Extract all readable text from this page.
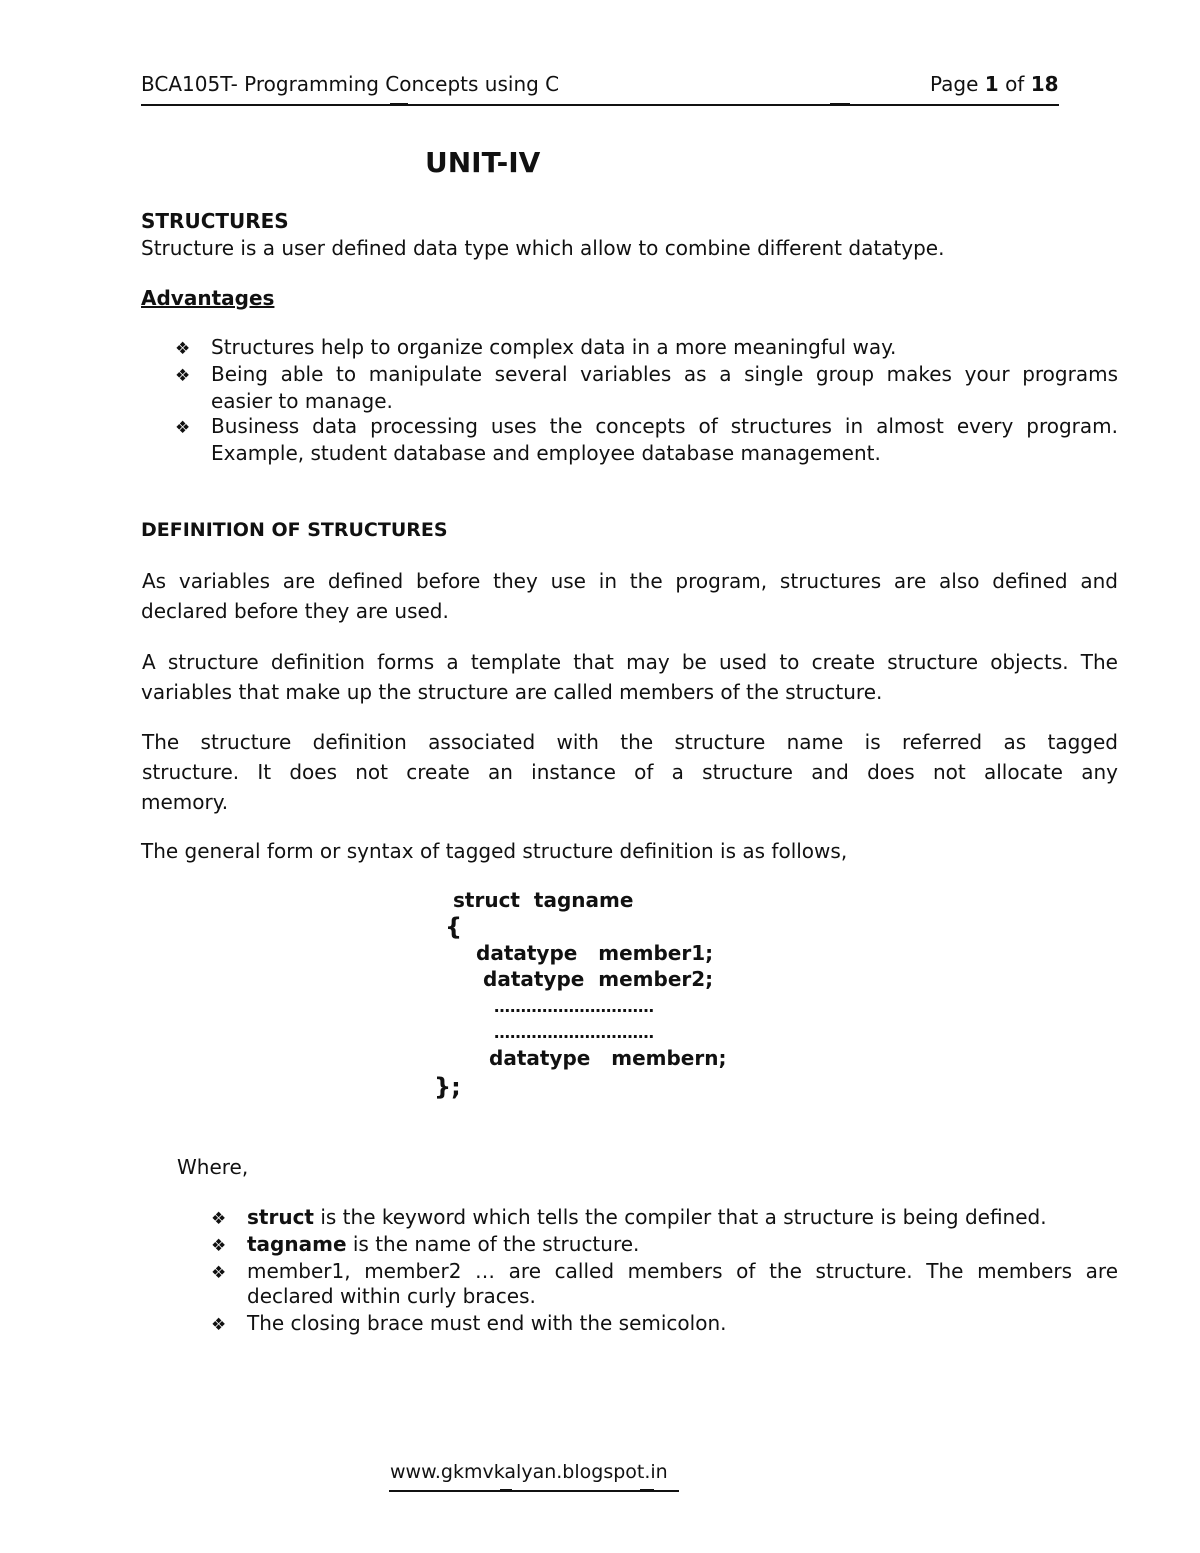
BCA105T- Programming Concepts using C	Page 1 of 18
UNIT-IV
STRUCTURES
Structure is a user defined data type which allow to combine different datatype.
Advantages
❖ Structures help to organize complex data in a more meaningful way.
❖ Being able to manipulate several variables as a single group makes your programs
easier to manage.
❖ Business data processing uses the concepts of structures in almost every program.
Example, student database and employee database management.
DEFINITION OF STRUCTURES
As variables are defined before they use in the program, structures are also defined and
declared before they are used.
A structure definition forms a template that may be used to create structure objects. The
variables that make up the structure are called members of the structure.
The structure definition associated with the structure name is referred as tagged
structure. It does not create an instance of a structure and does not allocate any
memory.
The general form or syntax of tagged structure definition is as follows,
struct  tagname
{
datatype   member1;
datatype  member2;
…………………………
…………………………
datatype   membern;
};
Where,
❖ struct is the keyword which tells the compiler that a structure is being defined.
❖ tagname is the name of the structure.
❖ member1, member2 … are called members of the structure. The members are
declared within curly braces.
❖ The closing brace must end with the semicolon.
www.gkmvkalyan.blogspot.in
